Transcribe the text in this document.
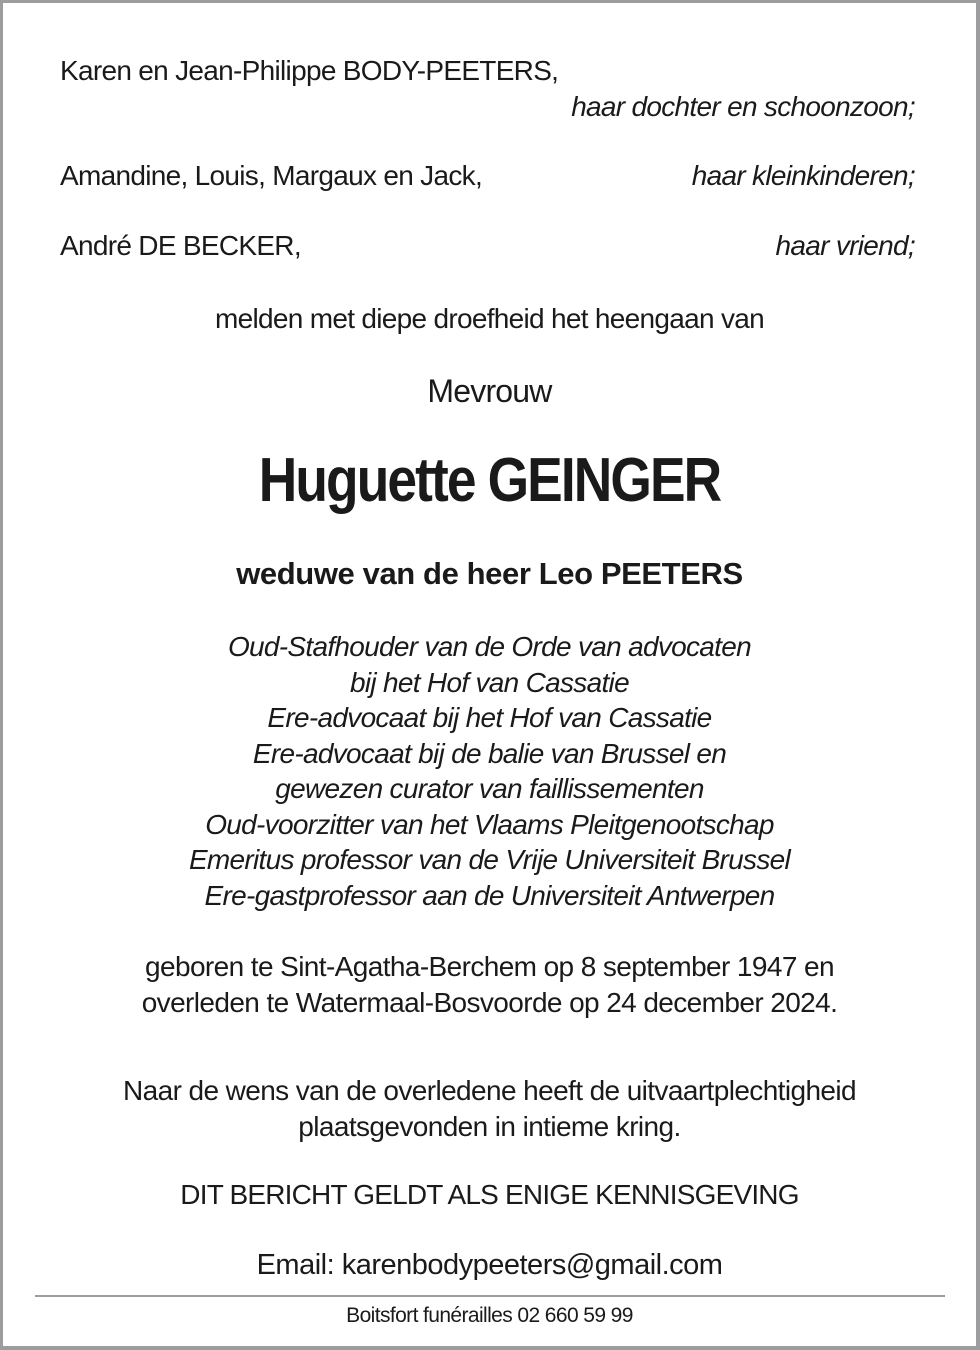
Karen en Jean-Philippe BODY-PEETERS,
haar dochter en schoonzoon;
Amandine, Louis, Margaux en Jack,	haar kleinkinderen;
André DE BECKER,	haar vriend;
melden met diepe droefheid het heengaan van
Mevrouw
Huguette GEINGER
weduwe van de heer Leo PEETERS
Oud-Stafhouder van de Orde van advocaten
bij het Hof van Cassatie
Ere-advocaat bij het Hof van Cassatie
Ere-advocaat bij de balie van Brussel en
gewezen curator van faillissementen
Oud-voorzitter van het Vlaams Pleitgenootschap
Emeritus professor van de Vrije Universiteit Brussel
Ere-gastprofessor aan de Universiteit Antwerpen
geboren te Sint-Agatha-Berchem op 8 september 1947 en
overleden te Watermaal-Bosvoorde op 24 december 2024.
Naar de wens van de overledene heeft de uitvaartplechtigheid
plaatsgevonden in intieme kring.
DIT BERICHT GELDT ALS ENIGE KENNISGEVING
Email: karenbodypeeters@gmail.com
Boitsfort funérailles 02 660 59 99
